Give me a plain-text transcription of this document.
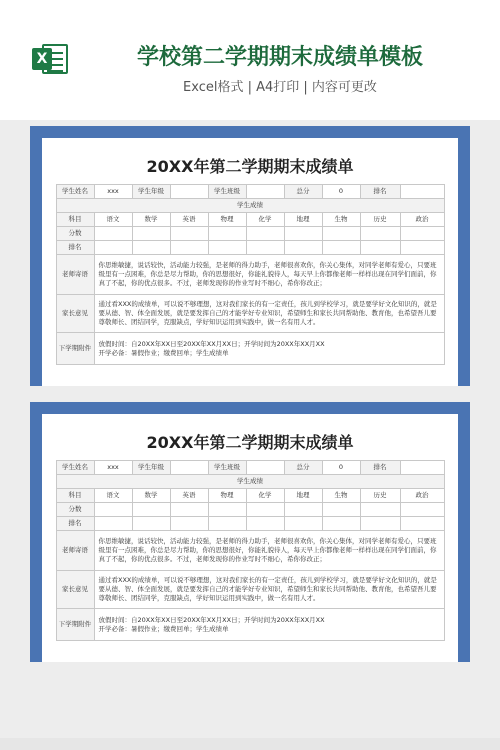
X	学校第二学期期末成绩单模板
Excel格式 | A4打印 | 内容可更改
20XX年第二学期期末成绩单
学生姓名	xxx	学生年级		学生班级		总分	0	排名	
学生成绩									
科目	语文	数学	英语	物理	化学	地理	生物	历史	政治
分数									
排名									
老师寄语	你思维敏捷，说话较快，活动能力较强，是老师的得力助手，老师很喜欢你，你关心集体，对同学老师有爱心，只要班级里有一点困难，你总是尽力帮助，你的思想很好，你能礼貌待人，每天早上你都像老师一样样出现在同学们面前，你真了不起，你的优点很多。不过，老师发现你的作业写时不细心，希你你改正；								
家长意见	通过看XXX的成绩单，可以说不够理想，这对我们家长的有一定责任，孩儿到学校学习，就是要学好文化知识的，就是要从德、智、体全面发展，就是要发挥自己的才能学好专业知识，希望师生和家长共同帮助他、教育他，也希望吾儿要尊敬师长、团结同学，克服缺点，学好知识运用到实践中，做一名有用人才。								
下学期附件	放假时间：自20XX年XX日至20XX年XX月XX日；开学时间为20XX年XX月XX
开学必备：暑假作业；缴费回单；学生成绩单								
20XX年第二学期期末成绩单
学生姓名	xxx	学生年级		学生班级		总分	0	排名	
学生成绩									
科目	语文	数学	英语	物理	化学	地理	生物	历史	政治
分数									
排名									
老师寄语	你思维敏捷，说话较快，活动能力较强，是老师的得力助手，老师很喜欢你，你关心集体，对同学老师有爱心，只要班级里有一点困难，你总是尽力帮助，你的思想很好，你能礼貌待人，每天早上你都像老师一样样出现在同学们面前，你真了不起，你的优点很多。不过，老师发现你的作业写时不细心，希你你改正；								
家长意见	通过看XXX的成绩单，可以说不够理想，这对我们家长的有一定责任，孩儿到学校学习，就是要学好文化知识的，就是要从德、智、体全面发展，就是要发挥自己的才能学好专业知识，希望师生和家长共同帮助他、教育他，也希望吾儿要尊敬师长、团结同学，克服缺点，学好知识运用到实践中，做一名有用人才。								
下学期附件	放假时间：自20XX年XX日至20XX年XX月XX日；开学时间为20XX年XX月XX
开学必备：暑假作业；缴费回单；学生成绩单								
